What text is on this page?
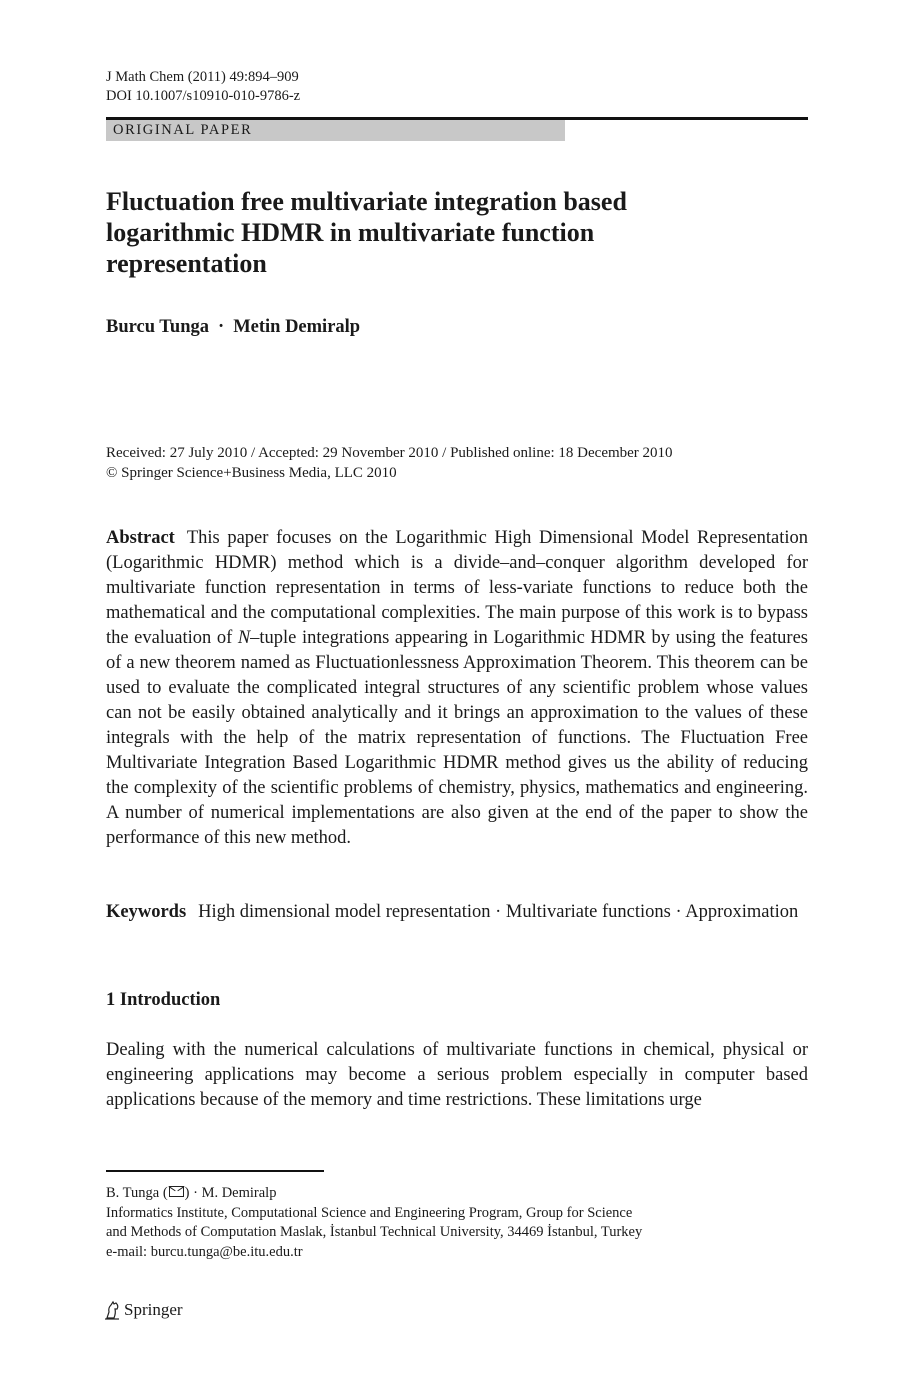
J Math Chem (2011) 49:894–909
DOI 10.1007/s10910-010-9786-z
ORIGINAL PAPER
Fluctuation free multivariate integration based logarithmic HDMR in multivariate function representation
Burcu Tunga · Metin Demiralp
Received: 27 July 2010 / Accepted: 29 November 2010 / Published online: 18 December 2010
© Springer Science+Business Media, LLC 2010
Abstract This paper focuses on the Logarithmic High Dimensional Model Representation (Logarithmic HDMR) method which is a divide–and–conquer algorithm developed for multivariate function representation in terms of less-variate functions to reduce both the mathematical and the computational complexities. The main purpose of this work is to bypass the evaluation of N–tuple integrations appearing in Logarithmic HDMR by using the features of a new theorem named as Fluctuationlessness Approximation Theorem. This theorem can be used to evaluate the complicated integral structures of any scientific problem whose values can not be easily obtained analytically and it brings an approximation to the values of these integrals with the help of the matrix representation of functions. The Fluctuation Free Multivariate Integration Based Logarithmic HDMR method gives us the ability of reducing the complexity of the scientific problems of chemistry, physics, mathematics and engineering. A number of numerical implementations are also given at the end of the paper to show the performance of this new method.
Keywords High dimensional model representation · Multivariate functions · Approximation
1 Introduction
Dealing with the numerical calculations of multivariate functions in chemical, physical or engineering applications may become a serious problem especially in computer based applications because of the memory and time restrictions. These limitations urge
B. Tunga ( ) · M. Demiralp
Informatics Institute, Computational Science and Engineering Program, Group for Science
and Methods of Computation Maslak, İstanbul Technical University, 34469 İstanbul, Turkey
e-mail: burcu.tunga@be.itu.edu.tr
Springer
